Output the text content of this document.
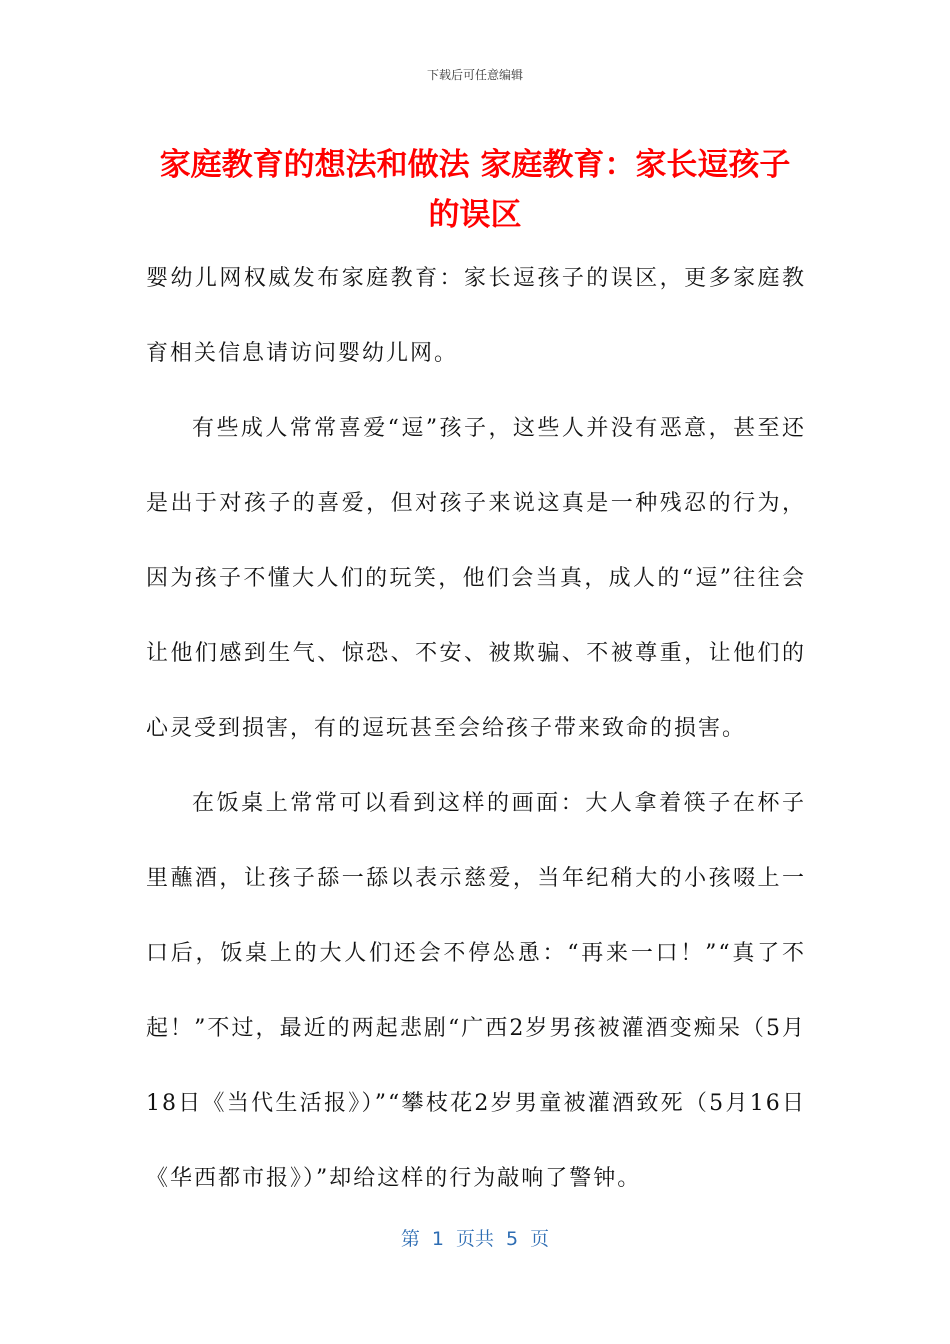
下载后可任意编辑
家庭教育的想法和做法 家庭教育：家长逗孩子的误区

婴幼儿网权威发布家庭教育：家长逗孩子的误区，更多家庭教育相关信息请访问婴幼儿网。

有些成人常常喜爱“逗”孩子，这些人并没有恶意，甚至还是出于对孩子的喜爱，但对孩子来说这真是一种残忍的行为，因为孩子不懂大人们的玩笑，他们会当真，成人的“逗”往往会让他们感到生气、惊恐、不安、被欺骗、不被尊重，让他们的心灵受到损害，有的逗玩甚至会给孩子带来致命的损害。

在饭桌上常常可以看到这样的画面：大人拿着筷子在杯子里蘸酒，让孩子舔一舔以表示慈爱，当年纪稍大的小孩啜上一口后，饭桌上的大人们还会不停怂恿：“再来一口！”“真了不起！”不过，最近的两起悲剧“广西2岁男孩被灌酒变痴呆（5月18日《当代生活报》）”“攀枝花2岁男童被灌酒致死（5月16日《华西都市报》）”却给这样的行为敲响了警钟。

第 1 页共 5 页
